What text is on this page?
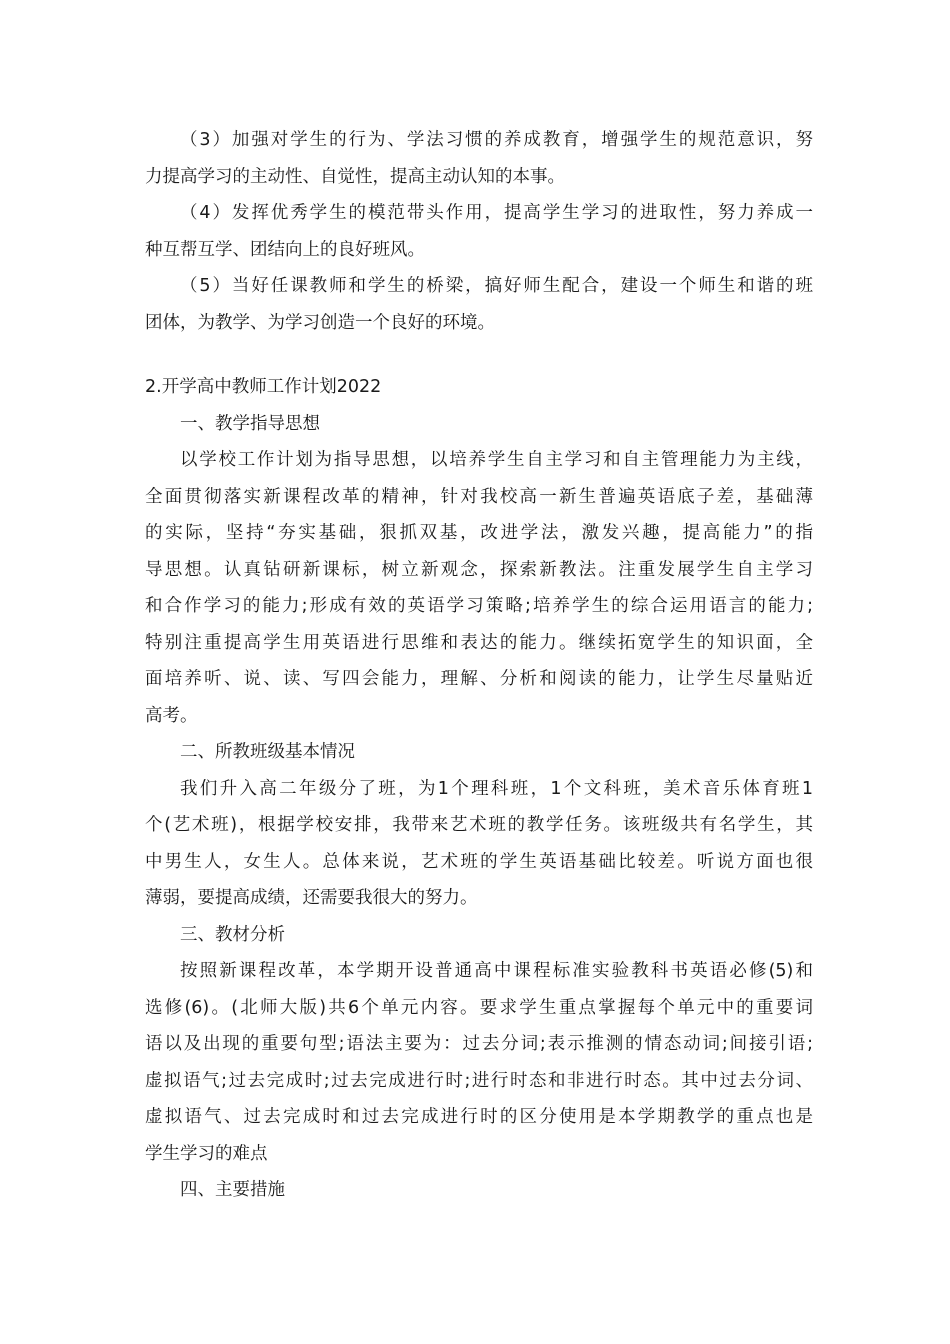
（3）加强对学生的行为、学法习惯的养成教育，增强学生的规范意识，努
力提高学习的主动性、自觉性，提高主动认知的本事。

（4）发挥优秀学生的模范带头作用，提高学生学习的进取性，努力养成一
种互帮互学、团结向上的良好班风。

（5）当好任课教师和学生的桥梁，搞好师生配合，建设一个师生和谐的班
团体，为教学、为学习创造一个良好的环境。

2.开学高中教师工作计划2022

一、教学指导思想

以学校工作计划为指导思想，以培养学生自主学习和自主管理能力为主线，
全面贯彻落实新课程改革的精神，针对我校高一新生普遍英语底子差，基础薄
的实际，坚持“夯实基础，狠抓双基，改进学法，激发兴趣，提高能力”的指
导思想。认真钻研新课标，树立新观念，探索新教法。注重发展学生自主学习
和合作学习的能力;形成有效的英语学习策略;培养学生的综合运用语言的能力;
特别注重提高学生用英语进行思维和表达的能力。继续拓宽学生的知识面，全
面培养听、说、读、写四会能力，理解、分析和阅读的能力，让学生尽量贴近
高考。

二、所教班级基本情况

我们升入高二年级分了班，为1个理科班，1个文科班，美术音乐体育班1
个(艺术班)，根据学校安排，我带来艺术班的教学任务。该班级共有名学生，其
中男生人，女生人。总体来说，艺术班的学生英语基础比较差。听说方面也很
薄弱，要提高成绩，还需要我很大的努力。

三、教材分析

按照新课程改革，本学期开设普通高中课程标准实验教科书英语必修(5)和
选修(6)。(北师大版)共6个单元内容。要求学生重点掌握每个单元中的重要词
语以及出现的重要句型;语法主要为：过去分词;表示推测的情态动词;间接引语;
虚拟语气;过去完成时;过去完成进行时;进行时态和非进行时态。其中过去分词、
虚拟语气、过去完成时和过去完成进行时的区分使用是本学期教学的重点也是
学生学习的难点

四、主要措施
